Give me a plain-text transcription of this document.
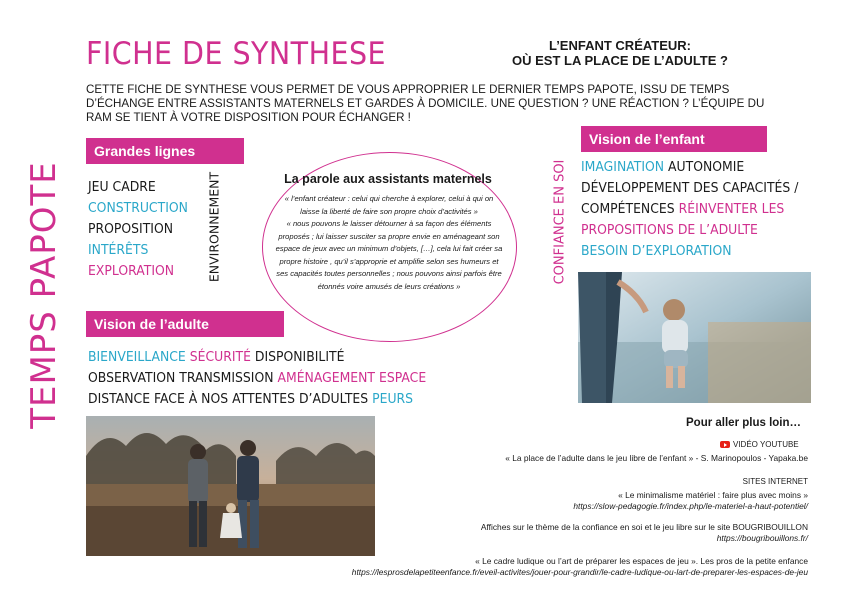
FICHE DE SYNTHESE	L’ENFANT CRÉATEUR:
OÙ EST LA PLACE DE L’ADULTE ?
CETTE FICHE DE SYNTHESE VOUS PERMET DE VOUS APPROPRIER LE DERNIER TEMPS PAPOTE, ISSU DE TEMPS D’ÉCHANGE ENTRE ASSISTANTS MATERNELS ET GARDES À DOMICILE. UNE QUESTION ? UNE RÉACTION ? L’ÉQUIPE DU RAM SE TIENT À VOTRE DISPOSITION POUR ÉCHANGER !
TEMPS PAPOTE
Grandes lignes
JEU CADRE
CONSTRUCTION
PROPOSITION
INTÉRÊTS
EXPLORATION	ENVIRONNEMENT	La parole aux assistants maternels
« l’enfant créateur : celui qui cherche à explorer, celui à qui on laisse la liberté de faire son propre choix d’activités »
« nous pouvons le laisser détourner à sa façon des éléments proposés ; lui laisser susciter sa propre envie en aménageant son espace de jeux avec un minimum d’objets, […], cela lui fait créer sa propre histoire , qu’il s’approprie et amplifie selon ses humeurs et ses capacités toutes personnelles ; nous pouvons ainsi parfois être étonnés voire amusés de leurs créations »
Vision de l’adulte
BIENVEILLANCE SÉCURITÉ DISPONIBILITÉ
OBSERVATION TRANSMISSION AMÉNAGEMENT ESPACE
DISTANCE FACE À NOS ATTENTES D’ADULTES PEURS
Vision de l’enfant
CONFIANCE EN SOI IMAGINATION AUTONOMIE
DÉVELOPPEMENT DES CAPACITÉS /
COMPÉTENCES RÉINVENTER LES
PROPOSITIONS DE L’ADULTE
BESOIN D’EXPLORATION
Pour aller plus loin…
VIDÉO YOUTUBE
« La place de l’adulte dans le jeu libre de l’enfant » - S. Marinopoulos - Yapaka.be
SITES INTERNET
« Le minimalisme matériel : faire plus avec moins »
https://slow-pedagogie.fr/index.php/le-materiel-a-haut-potentiel/
Affiches sur le thème de la confiance en soi et le jeu libre sur le site BOUGRIBOUILLON
https://bougribouillons.fr/
« Le cadre ludique ou l’art de préparer les espaces de jeu ». Les pros de la petite enfance
https://lesprosdelapetiteenfance.fr/eveil-activites/jouer-pour-grandir/le-cadre-ludique-ou-lart-de-preparer-les-espaces-de-jeu
